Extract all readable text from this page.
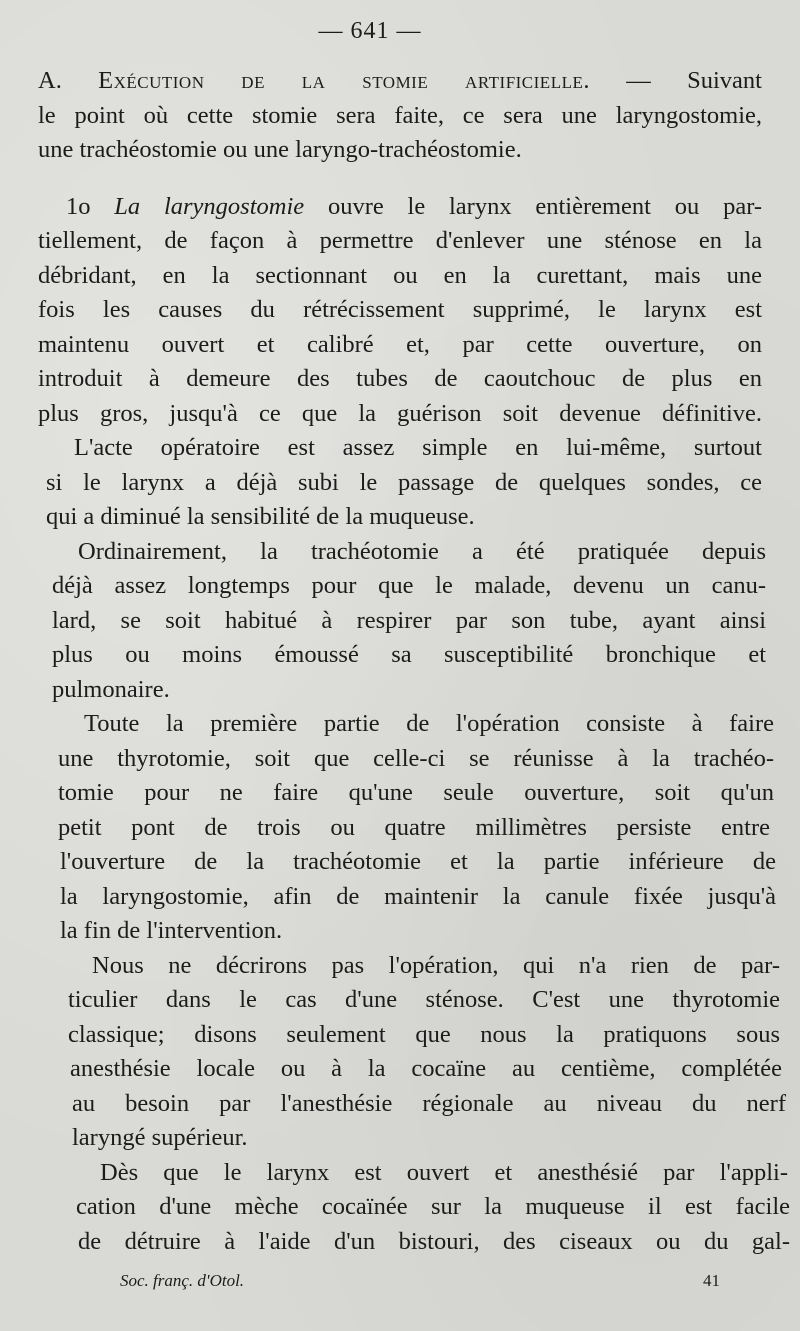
— 641 —
A. Exécution de la stomie artificielle. — Suivant
le point où cette stomie sera faite, ce sera une laryngostomie,
une trachéostomie ou une laryngo-trachéostomie.
1o La laryngostomie ouvre le larynx entièrement ou par-
tiellement, de façon à permettre d'enlever une sténose en la
débridant, en la sectionnant ou en la curettant, mais une
fois les causes du rétrécissement supprimé, le larynx est
maintenu ouvert et calibré et, par cette ouverture, on
introduit à demeure des tubes de caoutchouc de plus en
plus gros, jusqu'à ce que la guérison soit devenue définitive.
L'acte opératoire est assez simple en lui-même, surtout
si le larynx a déjà subi le passage de quelques sondes, ce
qui a diminué la sensibilité de la muqueuse.
Ordinairement, la trachéotomie a été pratiquée depuis
déjà assez longtemps pour que le malade, devenu un canu-
lard, se soit habitué à respirer par son tube, ayant ainsi
plus ou moins émoussé sa susceptibilité bronchique et
pulmonaire.
Toute la première partie de l'opération consiste à faire
une thyrotomie, soit que celle-ci se réunisse à la trachéo-
tomie pour ne faire qu'une seule ouverture, soit qu'un
petit pont de trois ou quatre millimètres persiste entre
l'ouverture de la trachéotomie et la partie inférieure de
la laryngostomie, afin de maintenir la canule fixée jusqu'à
la fin de l'intervention.
Nous ne décrirons pas l'opération, qui n'a rien de par-
ticulier dans le cas d'une sténose. C'est une thyrotomie
classique; disons seulement que nous la pratiquons sous
anesthésie locale ou à la cocaïne au centième, complétée
au besoin par l'anesthésie régionale au niveau du nerf
laryngé supérieur.
Dès que le larynx est ouvert et anesthésié par l'appli-
cation d'une mèche cocaïnée sur la muqueuse il est facile
de détruire à l'aide d'un bistouri, des ciseaux ou du gal-
Soc. franç. d'Otol.	41
